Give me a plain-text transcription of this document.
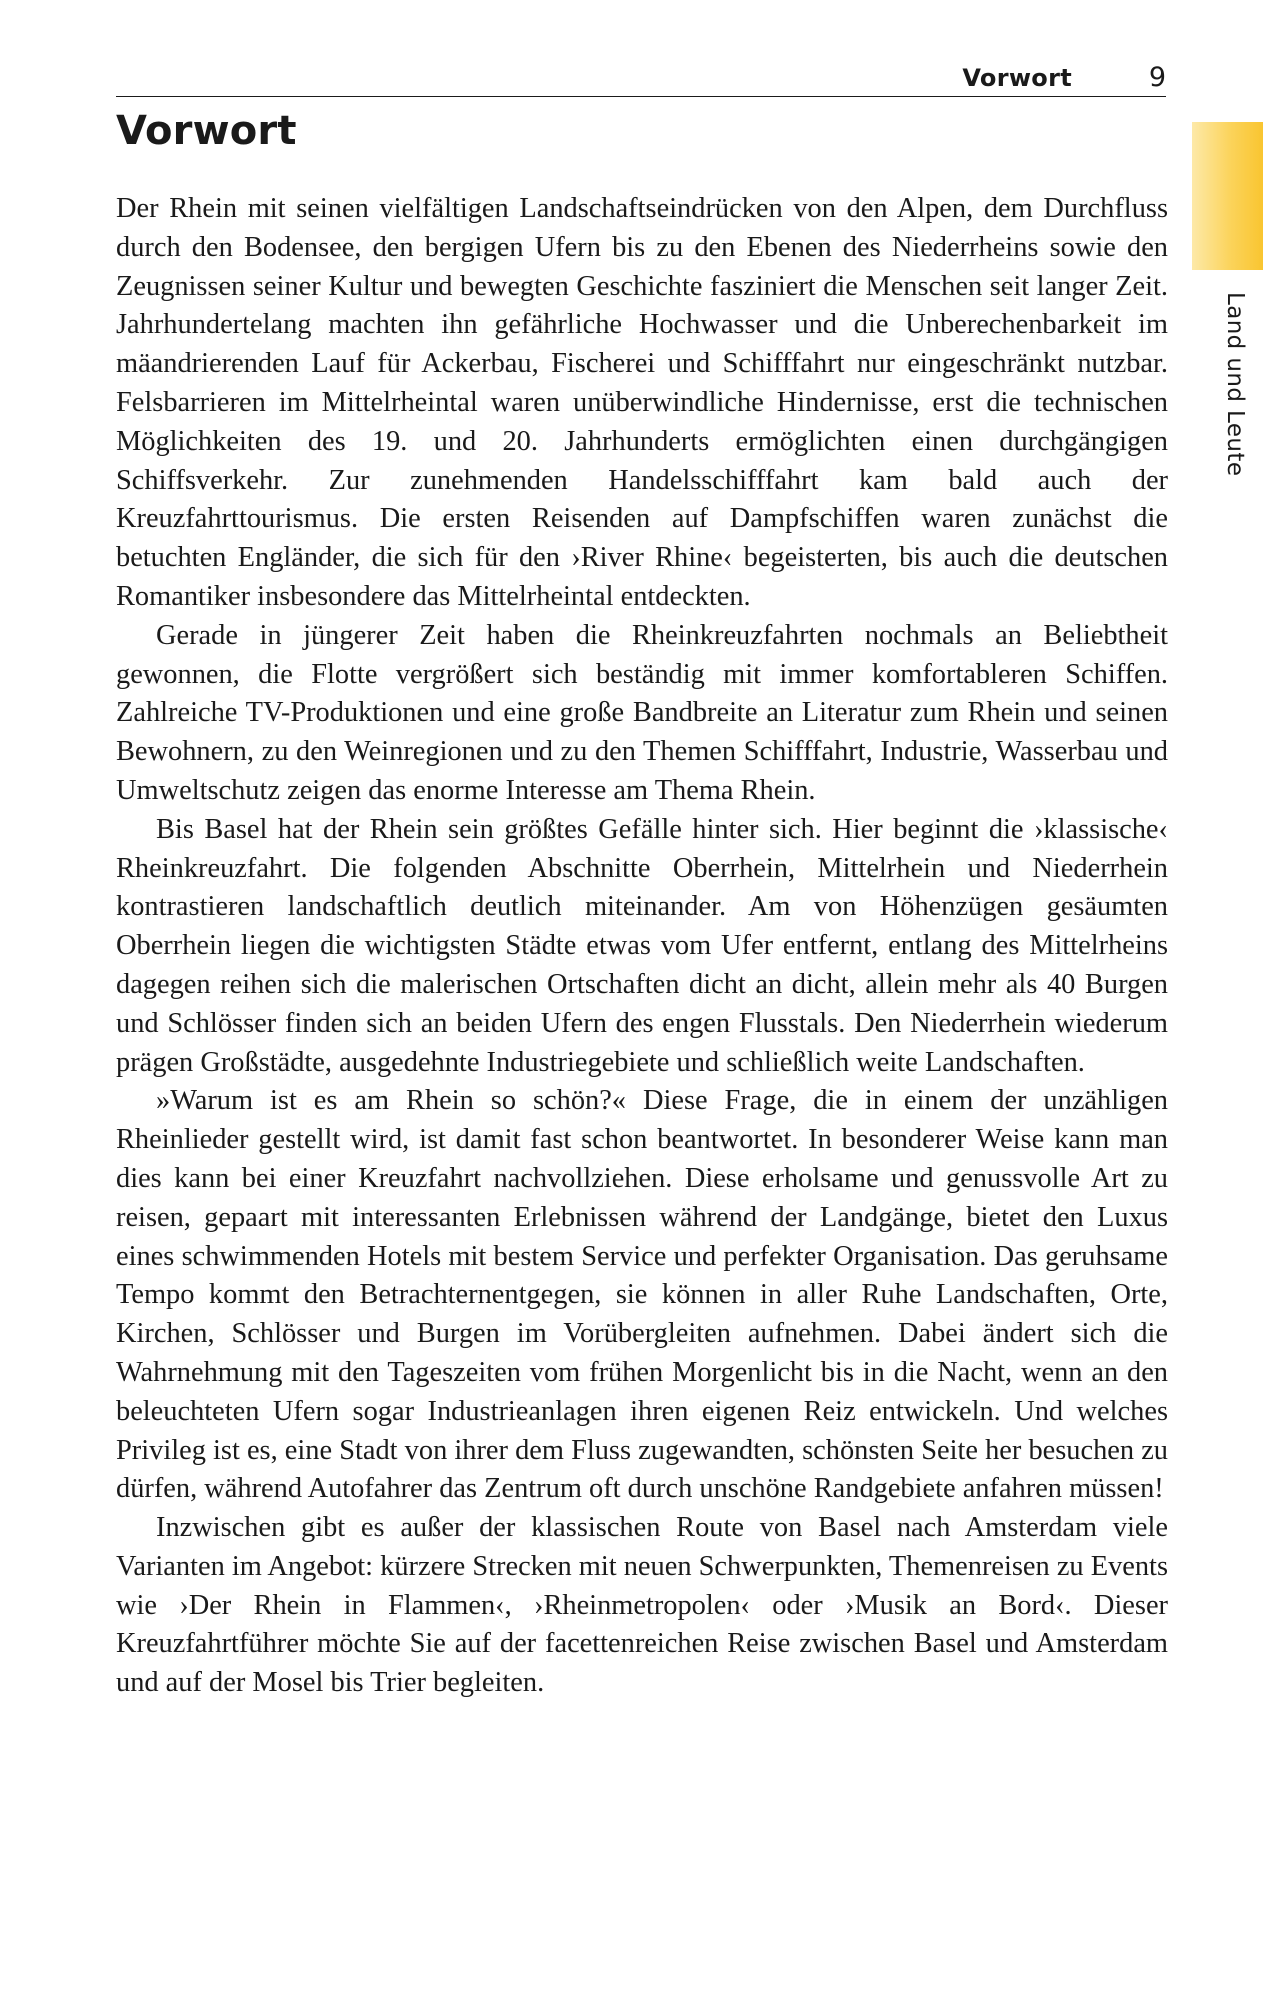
Vorwort	9
Land und Leute
Vorwort

Der Rhein mit seinen vielfältigen Landschaftseindrücken von den Alpen, dem Durchfluss durch den Bodensee, den bergigen Ufern bis zu den Ebenen des Niederrheins sowie den Zeugnissen seiner Kultur und bewegten Geschichte fasziniert die Menschen seit langer Zeit. Jahrhundertelang machten ihn gefährliche Hochwasser und die Unberechenbarkeit im mäandrierenden Lauf für Ackerbau, Fischerei und Schifffahrt nur eingeschränkt nutzbar. Felsbarrieren im Mittelrheintal waren unüberwindliche Hindernisse, erst die technischen Möglichkeiten des 19. und 20. Jahrhunderts ermöglichten einen durchgängigen Schiffsverkehr. Zur zunehmenden Handelsschifffahrt kam bald auch der Kreuzfahrttourismus. Die ersten Reisenden auf Dampfschiffen waren zunächst die betuchten Engländer, die sich für den ›River Rhine‹ begeisterten, bis auch die deutschen Romantiker insbesondere das Mittelrheintal entdeckten.

Gerade in jüngerer Zeit haben die Rheinkreuzfahrten nochmals an Beliebtheit gewonnen, die Flotte vergrößert sich beständig mit immer komfortableren Schiffen. Zahlreiche TV-Produktionen und eine große Bandbreite an Literatur zum Rhein und seinen Bewohnern, zu den Weinregionen und zu den Themen Schifffahrt, Industrie, Wasserbau und Umweltschutz zeigen das enorme Interesse am Thema Rhein.

Bis Basel hat der Rhein sein größtes Gefälle hinter sich. Hier beginnt die ›klassische‹ Rheinkreuzfahrt. Die folgenden Abschnitte Oberrhein, Mittelrhein und Niederrhein kontrastieren landschaftlich deutlich miteinander. Am von Höhenzügen gesäumten Oberrhein liegen die wichtigsten Städte etwas vom Ufer entfernt, entlang des Mittelrheins dagegen reihen sich die malerischen Ortschaften dicht an dicht, allein mehr als 40 Burgen und Schlösser finden sich an beiden Ufern des engen Flusstals. Den Niederrhein wiederum prägen Großstädte, ausgedehnte Industriegebiete und schließlich weite Landschaften.

»Warum ist es am Rhein so schön?« Diese Frage, die in einem der unzähligen Rheinlieder gestellt wird, ist damit fast schon beantwortet. In besonderer Weise kann man dies kann bei einer Kreuzfahrt nachvollziehen. Diese erholsame und genussvolle Art zu reisen, gepaart mit interessanten Erlebnissen während der Landgänge, bietet den Luxus eines schwimmenden Hotels mit bestem Service und perfekter Organisation. Das geruhsame Tempo kommt den Betrachternentgegen, sie können in aller Ruhe Landschaften, Orte, Kirchen, Schlösser und Burgen im Vorübergleiten aufnehmen. Dabei ändert sich die Wahrnehmung mit den Tageszeiten vom frühen Morgenlicht bis in die Nacht, wenn an den beleuchteten Ufern sogar Industrieanlagen ihren eigenen Reiz entwickeln. Und welches Privileg ist es, eine Stadt von ihrer dem Fluss zugewandten, schönsten Seite her besuchen zu dürfen, während Autofahrer das Zentrum oft durch unschöne Randgebiete anfahren müssen!

Inzwischen gibt es außer der klassischen Route von Basel nach Amsterdam viele Varianten im Angebot: kürzere Strecken mit neuen Schwerpunkten, Themenreisen zu Events wie ›Der Rhein in Flammen‹, ›Rheinmetropolen‹ oder ›Musik an Bord‹. Dieser Kreuzfahrtführer möchte Sie auf der facettenreichen Reise zwischen Basel und Amsterdam und auf der Mosel bis Trier begleiten.
